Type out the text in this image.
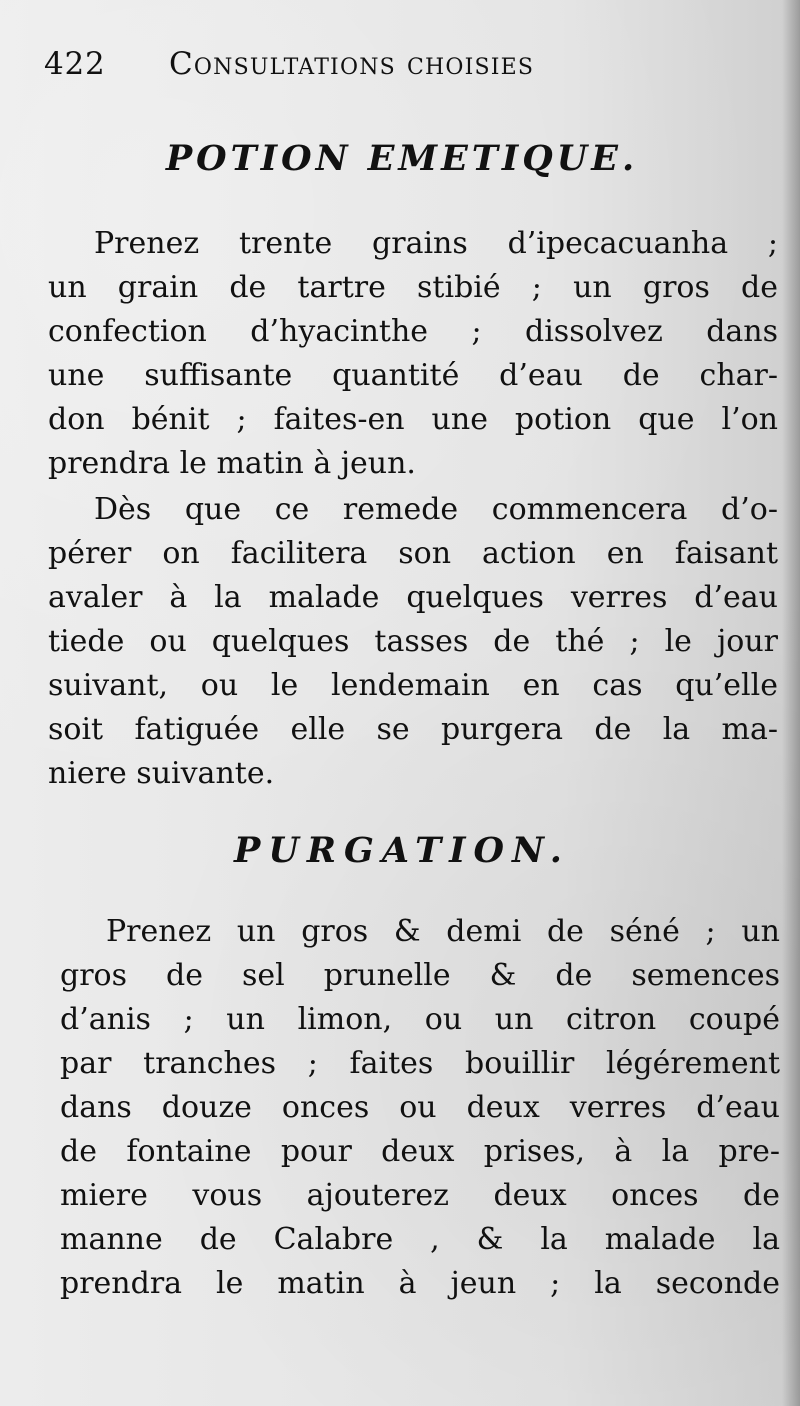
422 Consultations choisies
POTION EMETIQUE.
Prenez trente grains d’ipecacuanha ;
un grain de tartre stibié ; un gros de
confection d’hyacinthe ; dissolvez dans
une suffisante quantité d’eau de char-
don bénit ; faites-en une potion que l’on
prendra le matin à jeun.
Dès que ce remede commencera d’o-
pérer on facilitera son action en faisant
avaler à la malade quelques verres d’eau
tiede ou quelques tasses de thé ; le jour
suivant, ou le lendemain en cas qu’elle
soit fatiguée elle se purgera de la ma-
niere suivante.
PURGATION.
Prenez un gros & demi de séné ; un
gros de sel prunelle & de semences
d’anis ; un limon, ou un citron coupé
par tranches ; faites bouillir légérement
dans douze onces ou deux verres d’eau
de fontaine pour deux prises, à la pre-
miere vous ajouterez deux onces de
manne de Calabre , & la malade la
prendra le matin à jeun ; la seconde
